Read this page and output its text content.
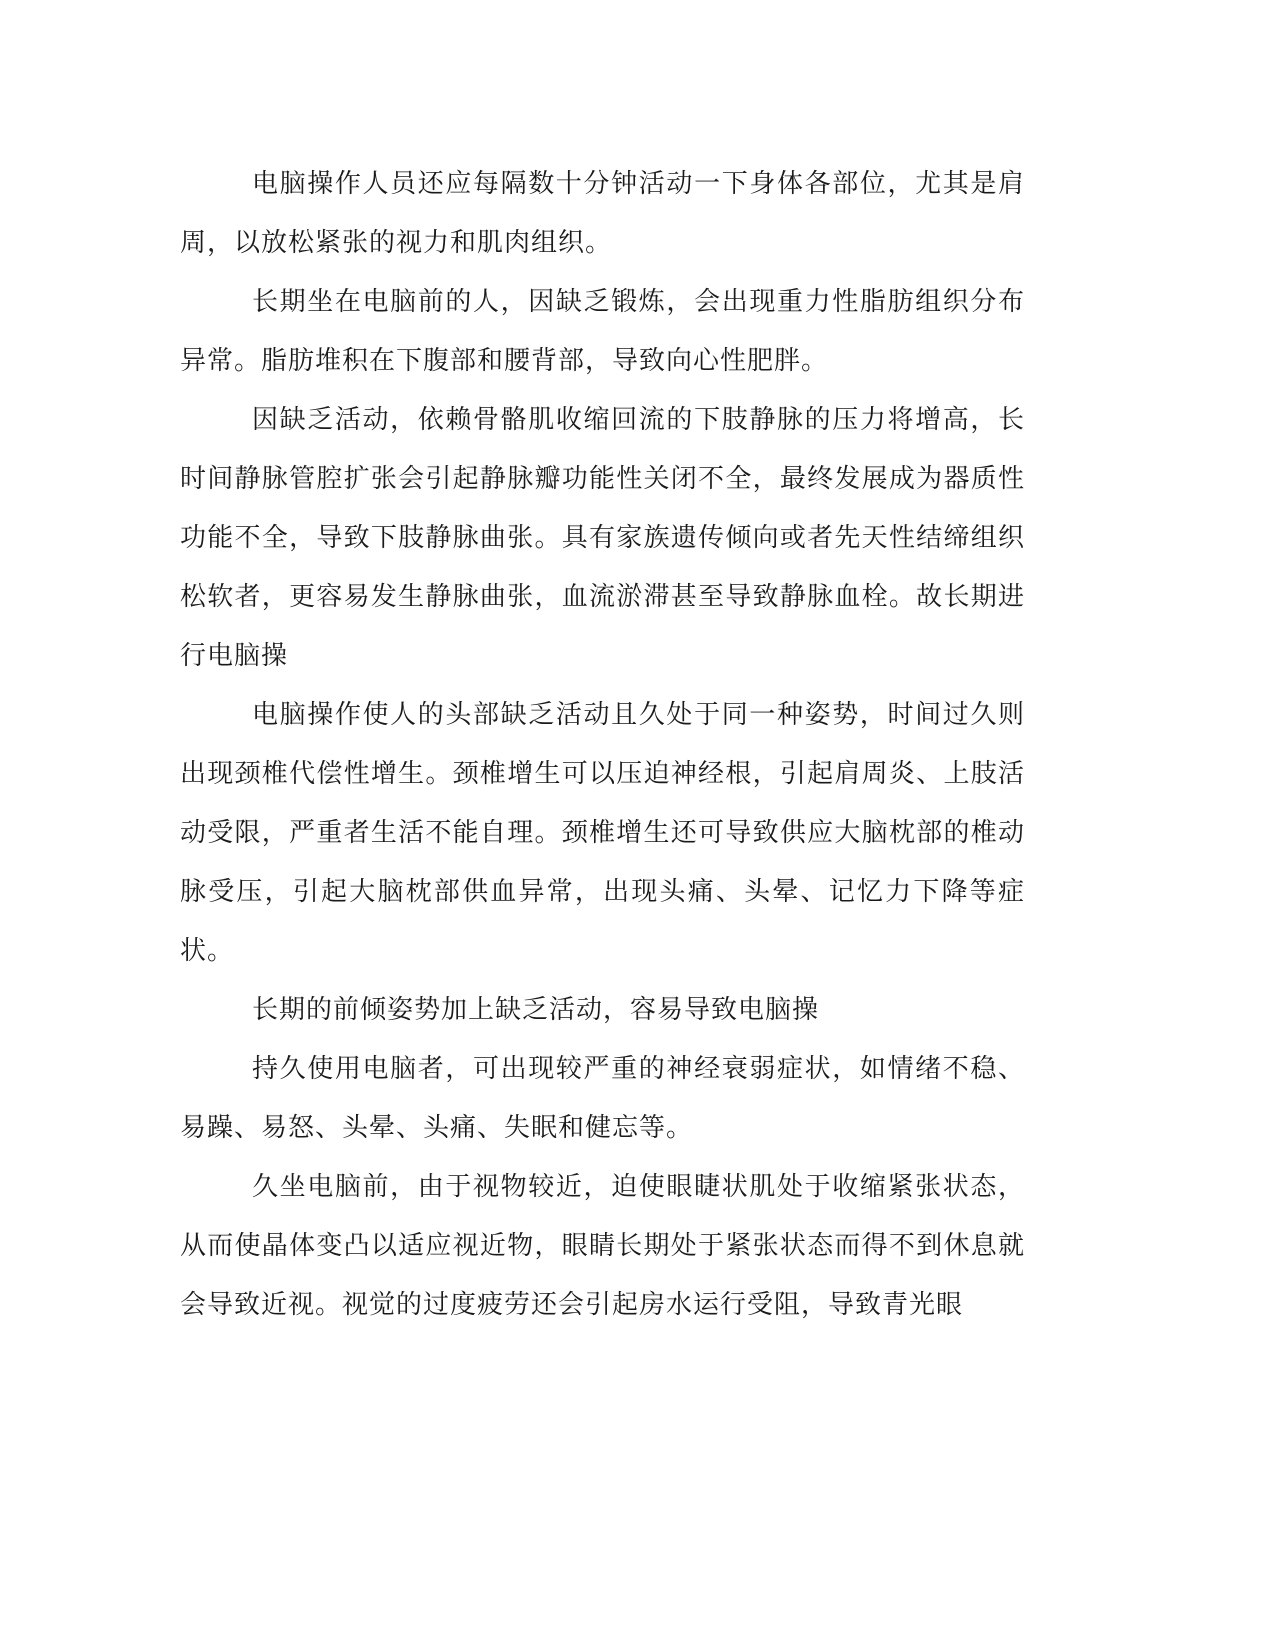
电脑操作人员还应每隔数十分钟活动一下身体各部位，尤其是肩周，以放松紧张的视力和肌肉组织。

长期坐在电脑前的人，因缺乏锻炼，会出现重力性脂肪组织分布异常。脂肪堆积在下腹部和腰背部，导致向心性肥胖。

因缺乏活动，依赖骨骼肌收缩回流的下肢静脉的压力将增高，长时间静脉管腔扩张会引起静脉瓣功能性关闭不全，最终发展成为器质性功能不全，导致下肢静脉曲张。具有家族遗传倾向或者先天性结缔组织松软者，更容易发生静脉曲张，血流淤滞甚至导致静脉血栓。故长期进行电脑操

电脑操作使人的头部缺乏活动且久处于同一种姿势，时间过久则出现颈椎代偿性增生。颈椎增生可以压迫神经根，引起肩周炎、上肢活动受限，严重者生活不能自理。颈椎增生还可导致供应大脑枕部的椎动脉受压，引起大脑枕部供血异常，出现头痛、头晕、记忆力下降等症状。

长期的前倾姿势加上缺乏活动，容易导致电脑操

持久使用电脑者，可出现较严重的神经衰弱症状，如情绪不稳、易躁、易怒、头晕、头痛、失眠和健忘等。

久坐电脑前，由于视物较近，迫使眼睫状肌处于收缩紧张状态，从而使晶体变凸以适应视近物，眼睛长期处于紧张状态而得不到休息就会导致近视。视觉的过度疲劳还会引起房水运行受阻，导致青光眼
